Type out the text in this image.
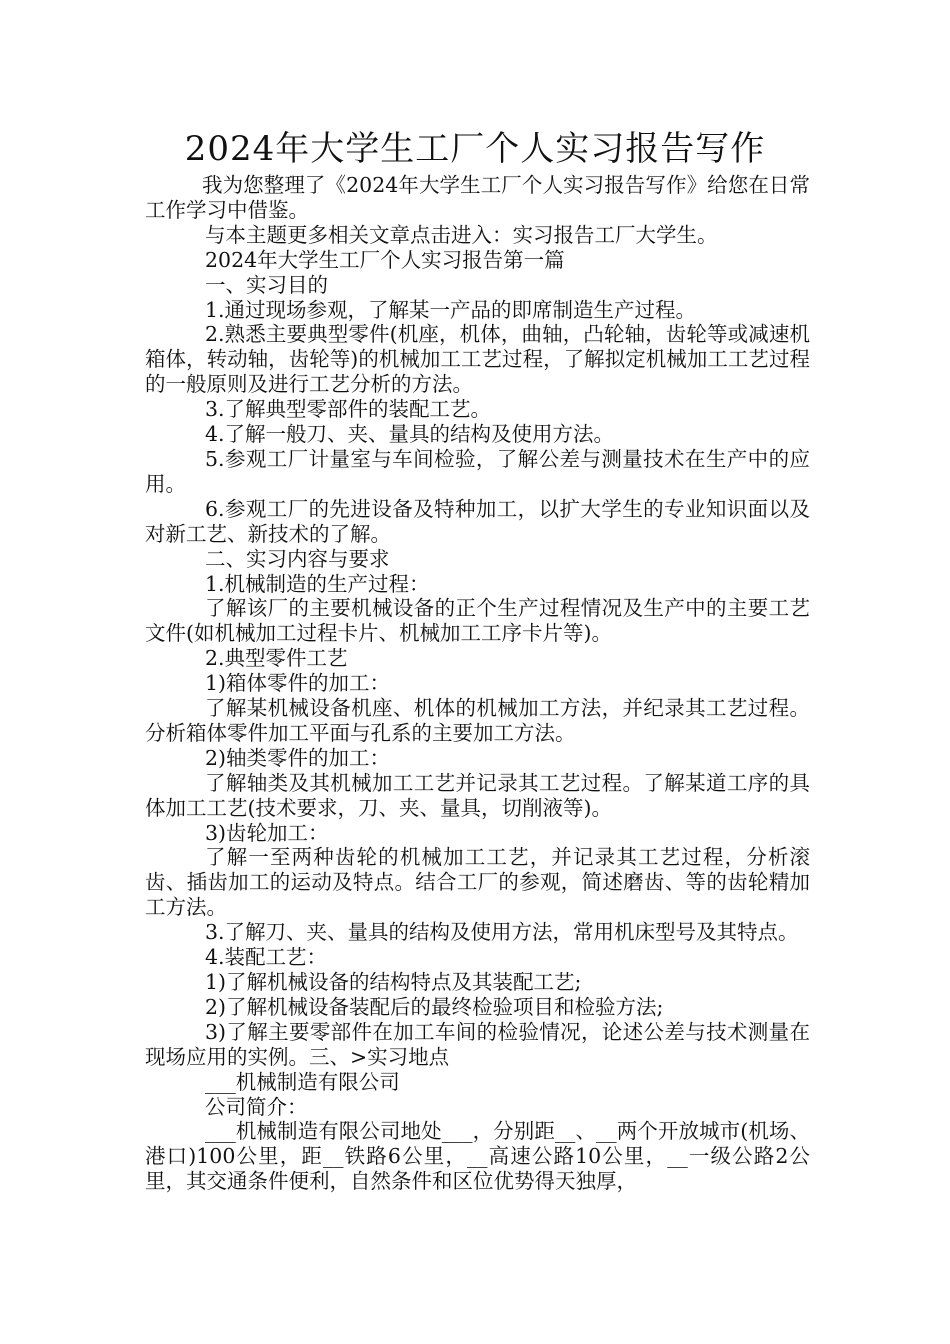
2024年大学生工厂个人实习报告写作

我为您整理了《2024年大学生工厂个人实习报告写作》给您在日常工作学习中借鉴。

与本主题更多相关文章点击进入：实习报告工厂大学生。

2024年大学生工厂个人实习报告第一篇

一、实习目的

1.通过现场参观，了解某一产品的即席制造生产过程。

2.熟悉主要典型零件(机座，机体，曲轴，凸轮轴，齿轮等或减速机箱体，转动轴，齿轮等)的机械加工工艺过程，了解拟定机械加工工艺过程的一般原则及进行工艺分析的方法。

3.了解典型零部件的装配工艺。

4.了解一般刀、夹、量具的结构及使用方法。

5.参观工厂计量室与车间检验，了解公差与测量技术在生产中的应用。

6.参观工厂的先进设备及特种加工，以扩大学生的专业知识面以及对新工艺、新技术的了解。

二、实习内容与要求

1.机械制造的生产过程：

了解该厂的主要机械设备的正个生产过程情况及生产中的主要工艺文件(如机械加工过程卡片、机械加工工序卡片等)。

2.典型零件工艺

1)箱体零件的加工：

了解某机械设备机座、机体的机械加工方法，并纪录其工艺过程。分析箱体零件加工平面与孔系的主要加工方法。

2)轴类零件的加工：

了解轴类及其机械加工工艺并记录其工艺过程。了解某道工序的具体加工工艺(技术要求，刀、夹、量具，切削液等)。

3)齿轮加工：

了解一至两种齿轮的机械加工工艺，并记录其工艺过程，分析滚齿、插齿加工的运动及特点。结合工厂的参观，简述磨齿、等的齿轮精加工方法。

3.了解刀、夹、量具的结构及使用方法，常用机床型号及其特点。

4.装配工艺：

1)了解机械设备的结构特点及其装配工艺;

2)了解机械设备装配后的最终检验项目和检验方法;

3)了解主要零部件在加工车间的检验情况，论述公差与技术测量在现场应用的实例。三、>实习地点

___机械制造有限公司

公司简介：

___机械制造有限公司地处___，分别距__、__两个开放城市(机场、港口)100公里，距__铁路6公里，__高速公路10公里，__一级公路2公里，其交通条件便利，自然条件和区位优势得天独厚，
